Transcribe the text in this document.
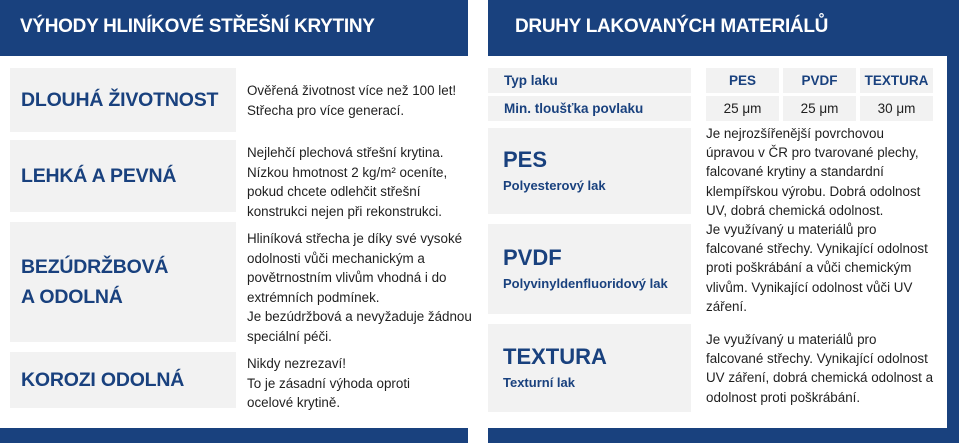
VÝHODY HLINÍKOVÉ STŘEŠNÍ KRYTINY
DLOUHÁ ŽIVOTNOST Ověřená životnost více než 100 let!
Střecha pro více generací.
LEHKÁ A PEVNÁ
Nejlehčí plechová střešní krytina.
Nízkou hmotnost 2 kg/m² oceníte,
pokud chcete odlehčit střešní
konstrukci nejen při rekonstrukci.
BEZÚDRŽBOVÁ
A ODOLNÁ
Hliníková střecha je díky své vysoké
odolnosti vůči mechanickým a
povětrnostním vlivům vhodná i do
extrémních podmínek.
Je bezúdržbová a nevyžaduje žádnou
speciální péči.
KOROZI ODOLNÁ
Nikdy nezrezaví!
To je zásadní výhoda oproti
ocelové krytině.
DRUHY LAKOVANÝCH MATERIÁLŮ
Typ laku	PES	PVDF	TEXTURA
Min. tloušťka povlaku	25 μm	25 μm	30 μm
PES
Polyesterový lak
Je nejrozšířenější povrchovou
úpravou v ČR pro tvarované plechy,
falcované krytiny a standardní
klempířskou výrobu. Dobrá odolnost
UV, dobrá chemická odolnost.
PVDF
Polyvinyldenfluoridový lak
Je využívaný u materiálů pro
falcované střechy. Vynikající odolnost
proti poškrábání a vůči chemickým
vlivům. Vynikající odolnost vůči UV
záření.
TEXTURA
Texturní lak
Je využívaný u materiálů pro
falcované střechy. Vynikající odolnost
UV záření, dobrá chemická odolnost a
odolnost proti poškrábání.
